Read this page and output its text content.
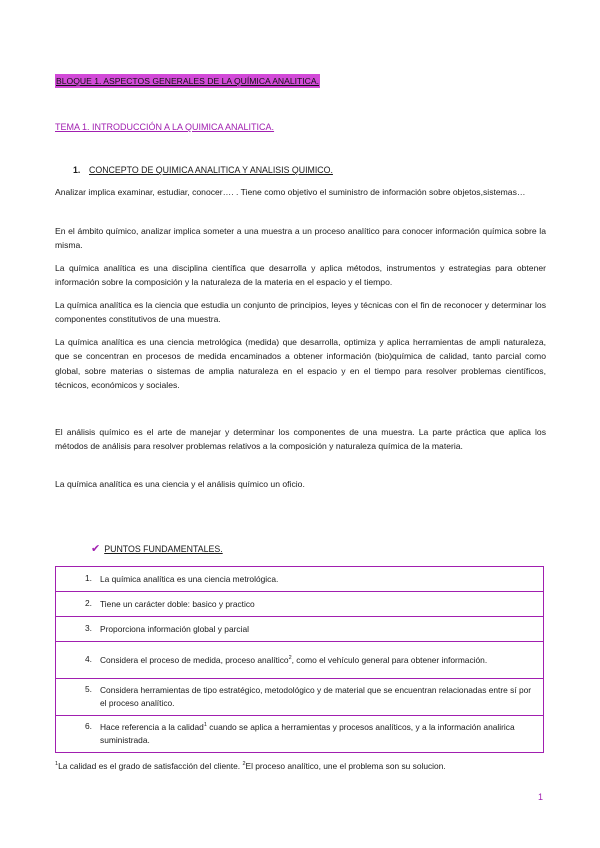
BLOQUE 1. ASPECTOS GENERALES DE LA QUÍMICA ANALITICA.
TEMA 1. INTRODUCCIÓN A LA QUIMICA ANALITICA.
1. CONCEPTO DE QUIMICA ANALITICA Y ANALISIS QUIMICO.

Analizar implica examinar, estudiar, conocer…. . Tiene como objetivo el suministro de información sobre objetos,sistemas…

En el ámbito químico, analizar implica someter a una muestra a un proceso analítico para conocer información química sobre la misma.

La química analítica es una disciplina científica que desarrolla y aplica métodos, instrumentos y estrategias para obtener información sobre la composición y la naturaleza de la materia en el espacio y el tiempo.

La química analítica es la ciencia que estudia un conjunto de principios, leyes y técnicas con el fin de reconocer y determinar los componentes constitutivos de una muestra.

La química analítica es una ciencia metrológica (medida) que desarrolla, optimiza y aplica herramientas de ampli naturaleza, que se concentran en procesos de medida encaminados a obtener información (bio)química de calidad, tanto parcial como global, sobre materias o sistemas de amplia naturaleza en el espacio y en el tiempo para resolver problemas científicos, técnicos, económicos y sociales.

El análisis químico es el arte de manejar y determinar los componentes de una muestra. La parte práctica que aplica los métodos de análisis para resolver problemas relativos a la composición y naturaleza química de la materia.

La química analítica es una ciencia y el análisis químico un oficio.

✔ PUNTOS FUNDAMENTALES.
1. La química analítica es una ciencia metrológica.

2. Tiene un carácter doble: basico y practico

3. Proporciona información global y parcial

4. Considera el proceso de medida, proceso analítico$^2$, como el vehículo general para obtener información.

5. Considera herramientas de tipo estratégico, metodológico y de material que se encuentran relacionadas entre sí por el proceso analítico.

6. Hace referencia a la calidad$^1$ cuando se aplica a herramientas y procesos analíticos, y a la información analirica suministrada.
$^1$La calidad es el grado de satisfacción del cliente. $^2$El proceso analítico, une el problema son su solucion.
1
